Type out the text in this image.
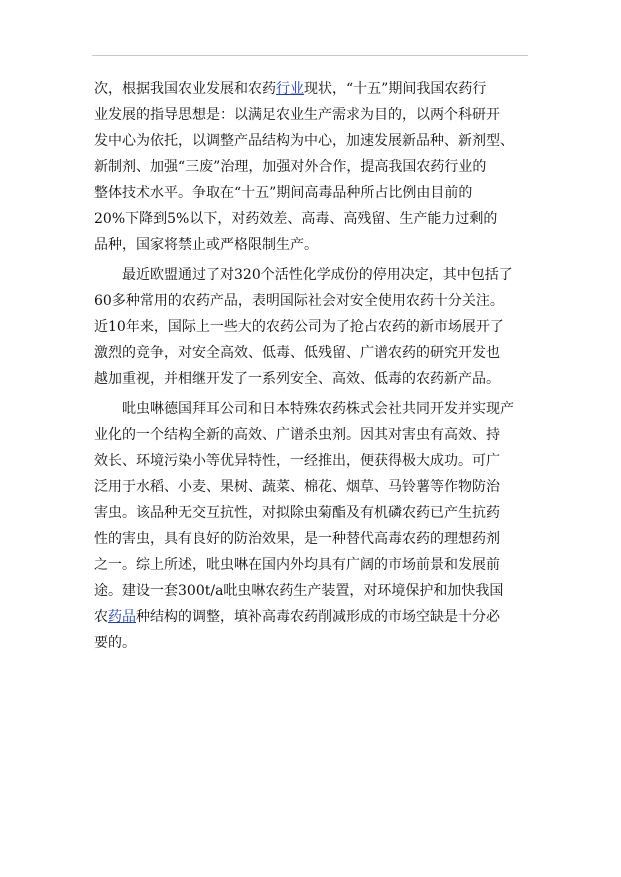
次，根据我国农业发展和农药行业现状，“十五”期间我国农药行
业发展的指导思想是：以满足农业生产需求为目的，以两个科研开
发中心为依托，以调整产品结构为中心，加速发展新品种、新剂型、
新制剂、加强“三废”治理，加强对外合作，提高我国农药行业的
整体技术水平。争取在“十五”期间高毒品种所占比例由目前的
20%下降到5%以下，对药效差、高毒、高残留、生产能力过剩的
品种，国家将禁止或严格限制生产。
最近欧盟通过了对320个活性化学成份的停用决定，其中包括了
60多种常用的农药产品，表明国际社会对安全使用农药十分关注。
近10年来，国际上一些大的农药公司为了抢占农药的新市场展开了
激烈的竞争，对安全高效、低毒、低残留、广谱农药的研究开发也
越加重视，并相继开发了一系列安全、高效、低毒的农药新产品。
吡虫啉德国拜耳公司和日本特殊农药株式会社共同开发并实现产
业化的一个结构全新的高效、广谱杀虫剂。因其对害虫有高效、持
效长、环境污染小等优异特性，一经推出，便获得极大成功。可广
泛用于水稻、小麦、果树、蔬菜、棉花、烟草、马铃薯等作物防治
害虫。该品种无交互抗性，对拟除虫菊酯及有机磷农药已产生抗药
性的害虫，具有良好的防治效果，是一种替代高毒农药的理想药剂
之一。综上所述，吡虫啉在国内外均具有广阔的市场前景和发展前
途。建设一套300t/a吡虫啉农药生产装置，对环境保护和加快我国
农药品种结构的调整，填补高毒农药削减形成的市场空缺是十分必
要的。
